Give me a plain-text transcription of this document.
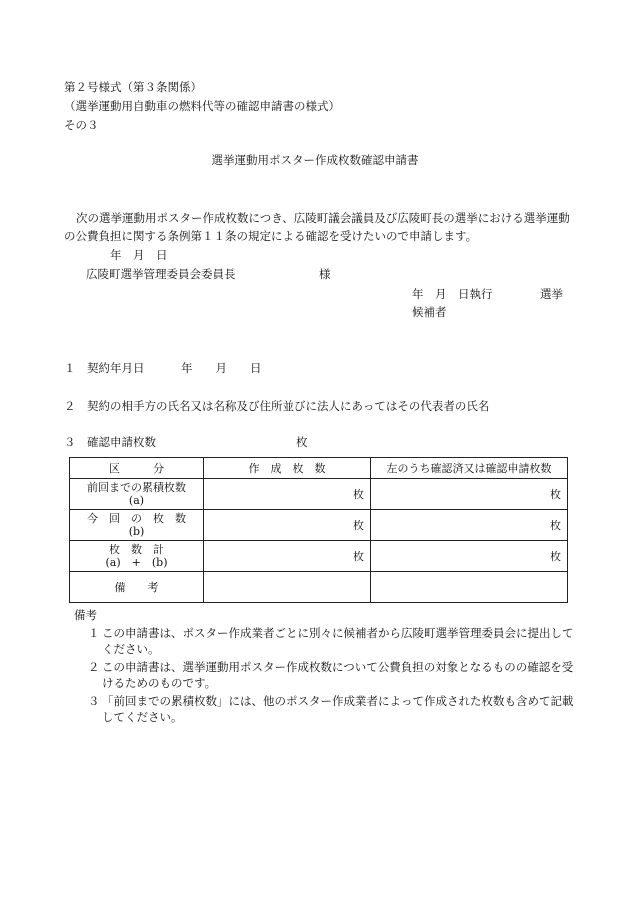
第２号様式（第３条関係）
（選挙運動用自動車の燃料代等の確認申請書の様式）
その３
選挙運動用ポスター作成枚数確認申請書
次の選挙運動用ポスター作成枚数につき、広陵町議会議員及び広陵町長の選挙における選挙運動の公費負担に関する条例第１１条の規定による確認を受けたいので申請します。
年　月　日
広陵町選挙管理委員会委員長	様
年　月　日執行	選挙
候補者
１ 契約年月日	年　　月　　日
２ 契約の相手方の氏名又は名称及び住所並びに法人にあってはその代表者の氏名
３ 確認申請枚数	枚
区　　　分	作　成　枚　数	左のうち確認済又は確認申請枚数

前回までの累積枚数
(a)	枚	枚

今　回　の　枚　数
(b)	枚	枚

枚　数　計
(a)　+　(b)	枚	枚
備　　考		
備考
１ この申請書は、ポスター作成業者ごとに別々に候補者から広陵町選挙管理委員会に提出してください。
２ この申請書は、選挙運動用ポスター作成枚数について公費負担の対象となるものの確認を受けるためのものです。
３ 「前回までの累積枚数」には、他のポスター作成業者によって作成された枚数も含めて記載してください。
